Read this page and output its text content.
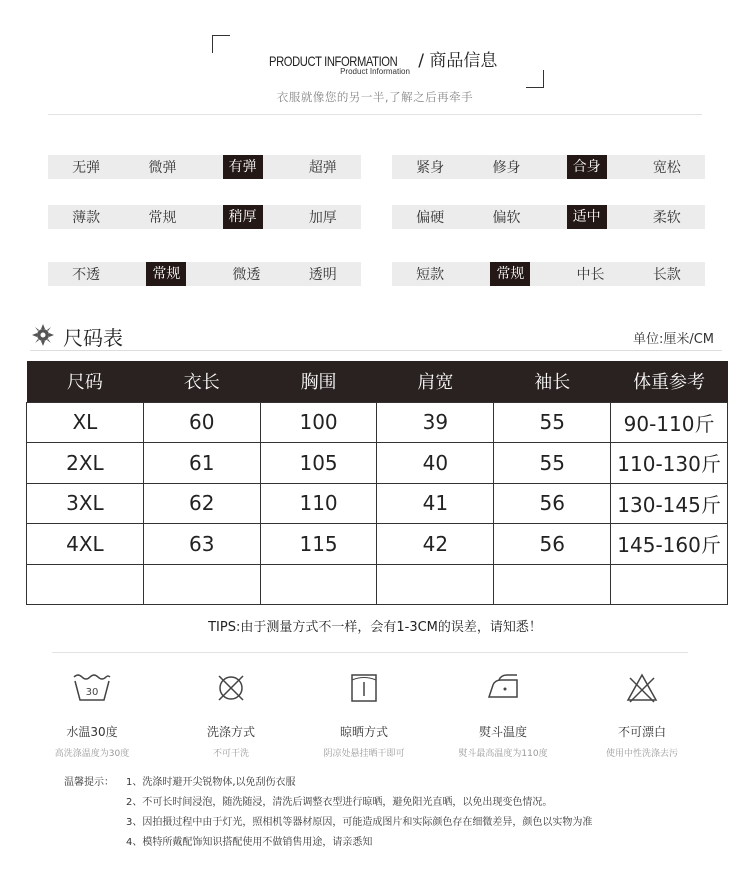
PRODUCT INFORMATION / 商品信息
Product Information
衣服就像您的另一半,了解之后再牵手
无弹	微弹	有弹	超弹	紧身	修身	合身	宽松
薄款	常规	稍厚	加厚	偏硬	偏软	适中	柔软
不透	常规	微透	透明	短款	常规	中长	长款
尺码表	单位:厘米/CM
尺码	衣长	胸围	肩宽	袖长	体重参考
XL	60	100	39	55	90-110斤
2XL	61	105	40	55	110-130斤
3XL	62	110	41	56	130-145斤
4XL	63	115	42	56	145-160斤

TIPS:由于测量方式不一样，会有1-3CM的误差，请知悉！
30
水温30度
高洗涤温度为30度
洗涤方式
不可干洗
晾晒方式
阴凉处悬挂晒干即可
熨斗温度
熨斗最高温度为110度
不可漂白
使用中性洗涤去污
温馨提示：	1、洗涤时避开尖锐物体,以免刮伤衣服
2、不可长时间浸泡，随洗随浸，清洗后调整衣型进行晾晒，避免阳光直晒，以免出现变色情况。
3、因拍摄过程中由于灯光，照相机等器材原因，可能造成图片和实际颜色存在细微差异，颜色以实物为准
4、模特所戴配饰知识搭配使用不做销售用途，请亲悉知
